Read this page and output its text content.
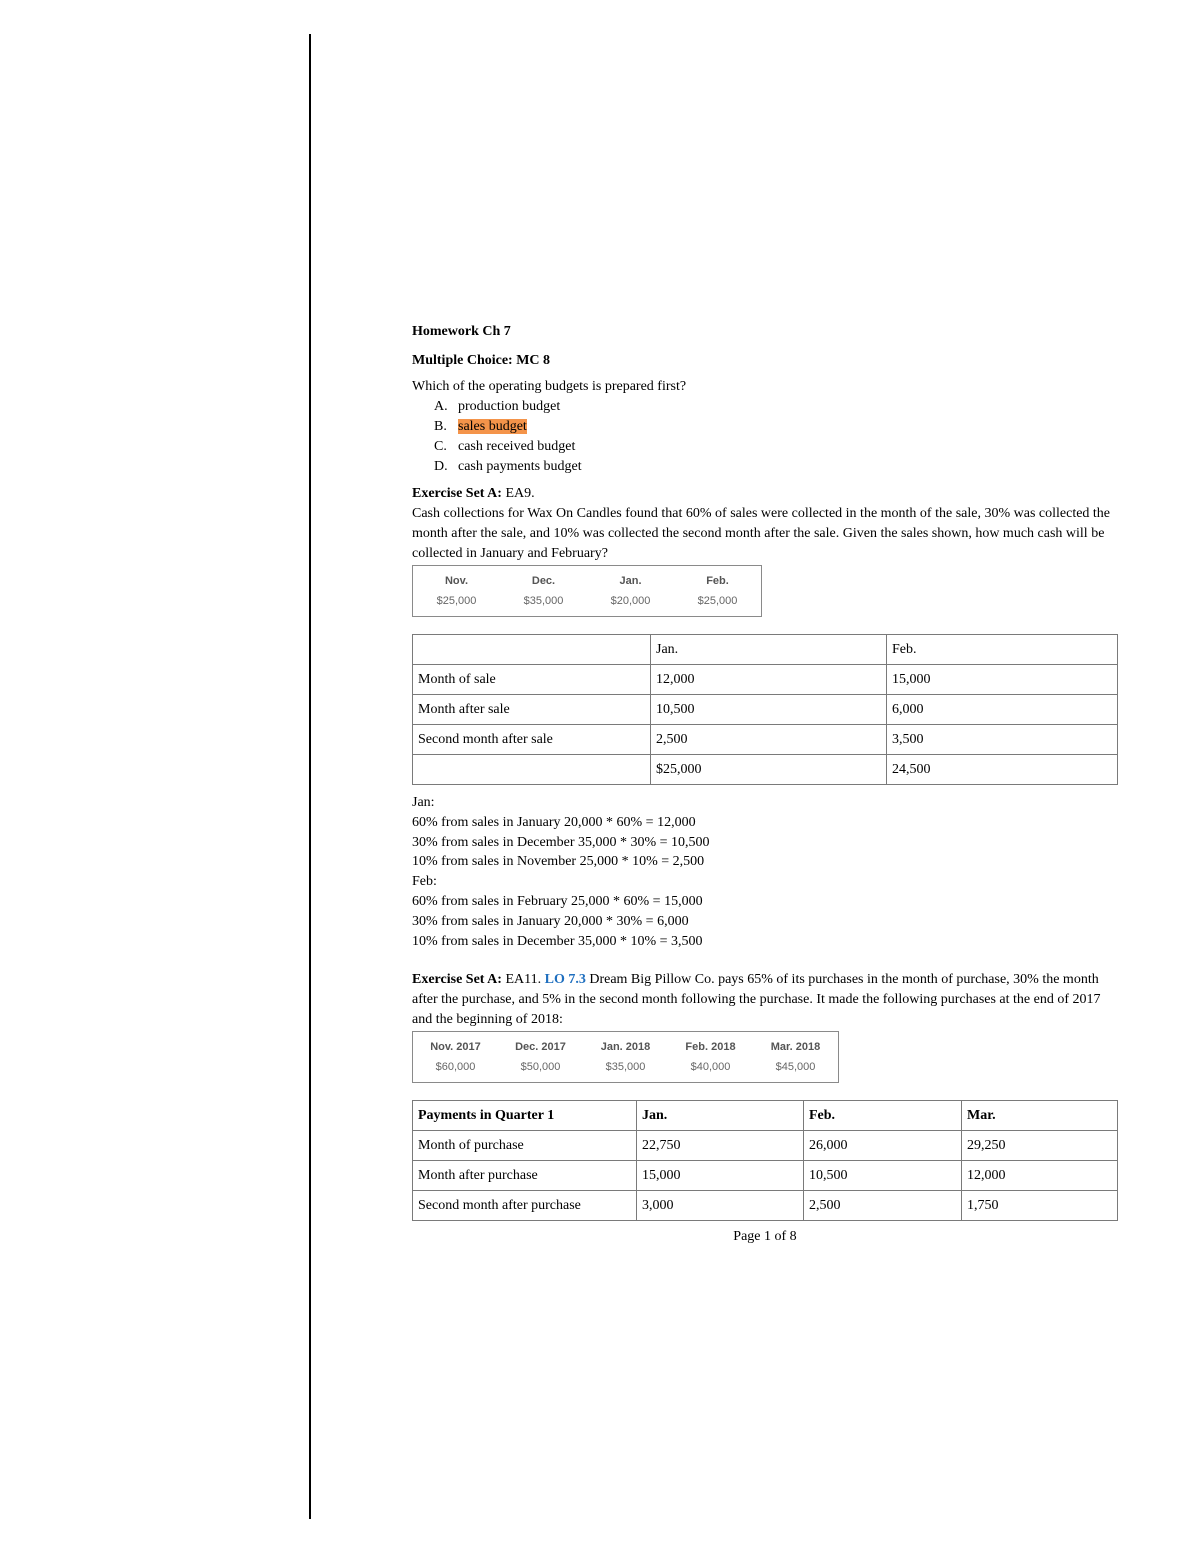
Homework Ch 7

Multiple Choice: MC 8

Which of the operating budgets is prepared first?

A. production budget
B. sales budget
C. cash received budget
D. cash payments budget

Exercise Set A: EA9.
Cash collections for Wax On Candles found that 60% of sales were collected in the month of the sale, 30% was collected the month after the sale, and 10% was collected the second month after the sale. Given the sales shown, how much cash will be collected in January and February?

Nov.	Dec.	Jan.	Feb.
$25,000	$35,000	$20,000	$25,000
	Jan.	Feb.
Month of sale	12,000	15,000
Month after sale	10,500	6,000
Second month after sale	2,500	3,500
	$25,000	24,500

Jan:

60% from sales in January 20,000 * 60% = 12,000

30% from sales in December 35,000 * 30% = 10,500

10% from sales in November 25,000 * 10% = 2,500

Feb:

60% from sales in February 25,000 * 60% = 15,000

30% from sales in January 20,000 * 30% = 6,000

10% from sales in December 35,000 * 10% = 3,500

Exercise Set A: EA11. LO 7.3 Dream Big Pillow Co. pays 65% of its purchases in the month of purchase, 30% the month after the purchase, and 5% in the second month following the purchase. It made the following purchases at the end of 2017 and the beginning of 2018:

Nov. 2017	Dec. 2017	Jan. 2018	Feb. 2018	Mar. 2018
$60,000	$50,000	$35,000	$40,000	$45,000
Payments in Quarter 1	Jan.	Feb.	Mar.
Month of purchase	22,750	26,000	29,250
Month after purchase	15,000	10,500	12,000
Second month after purchase	3,000	2,500	1,750
Page 1 of 8
